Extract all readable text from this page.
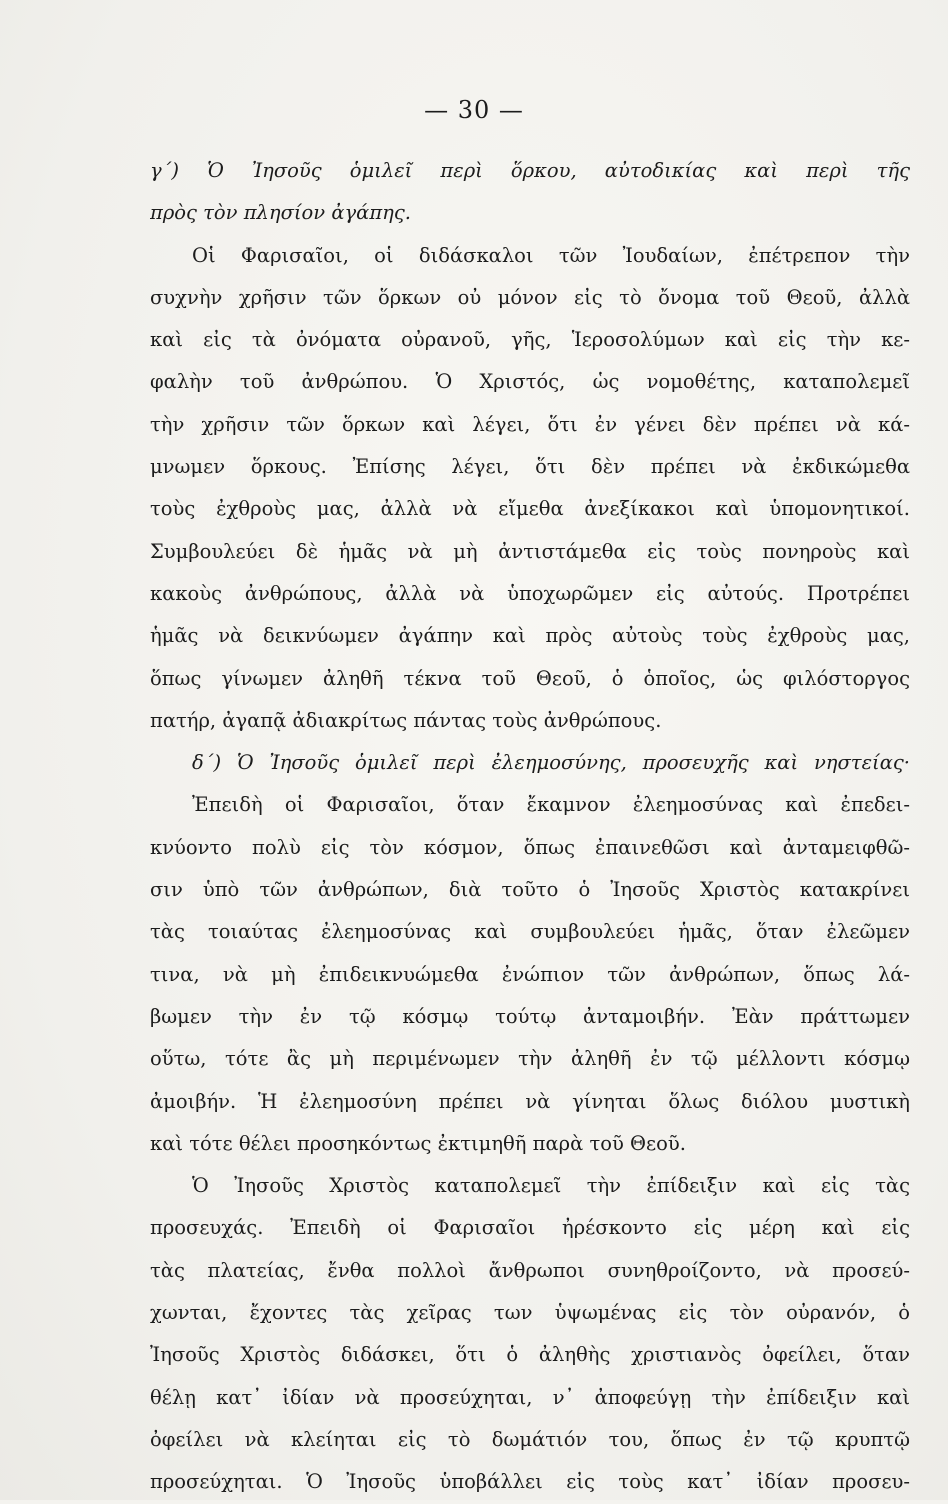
— 30 —
γ΄) Ὁ Ἰησοῦς ὁμιλεῖ περὶ ὅρκου, αὐτοδικίας καὶ περὶ τῆς
πρὸς τὸν πλησίον ἀγάπης.
Οἱ Φαρισαῖοι, οἱ διδάσκαλοι τῶν Ἰουδαίων, ἐπέτρεπον τὴν
συχνὴν χρῆσιν τῶν ὅρκων οὐ μόνον εἰς τὸ ὄνομα τοῦ Θεοῦ, ἀλλὰ
καὶ εἰς τὰ ὀνόματα οὐρανοῦ, γῆς, Ἱεροσολύμων καὶ εἰς τὴν κε-
φαλὴν τοῦ ἀνθρώπου. Ὁ Χριστός, ὡς νομοθέτης, καταπολεμεῖ
τὴν χρῆσιν τῶν ὅρκων καὶ λέγει, ὅτι ἐν γένει δὲν πρέπει νὰ κά-
μνωμεν ὅρκους. Ἐπίσης λέγει, ὅτι δὲν πρέπει νὰ ἐκδικώμεθα
τοὺς ἐχθροὺς μας, ἀλλὰ νὰ εἴμεθα ἀνεξίκακοι καὶ ὑπομονητικοί.
Συμβουλεύει δὲ ἡμᾶς νὰ μὴ ἀντιστάμεθα εἰς τοὺς πονηροὺς καὶ
κακοὺς ἀνθρώπους, ἀλλὰ νὰ ὑποχωρῶμεν εἰς αὐτούς. Προτρέπει
ἡμᾶς νὰ δεικνύωμεν ἀγάπην καὶ πρὸς αὐτοὺς τοὺς ἐχθροὺς μας,
ὅπως γίνωμεν ἀληθῆ τέκνα τοῦ Θεοῦ, ὁ ὁποῖος, ὡς φιλόστοργος
πατήρ, ἀγαπᾷ ἀδιακρίτως πάντας τοὺς ἀνθρώπους.
δ΄) Ὁ Ἰησοῦς ὁμιλεῖ περὶ ἐλεημοσύνης, προσευχῆς καὶ νηστείας·
Ἐπειδὴ οἱ Φαρισαῖοι, ὅταν ἔκαμνον ἐλεημοσύνας καὶ ἐπεδει-
κνύοντο πολὺ εἰς τὸν κόσμον, ὅπως ἐπαινεθῶσι καὶ ἀνταμειφθῶ-
σιν ὑπὸ τῶν ἀνθρώπων, διὰ τοῦτο ὁ Ἰησοῦς Χριστὸς κατακρίνει
τὰς τοιαύτας ἐλεημοσύνας καὶ συμβουλεύει ἡμᾶς, ὅταν ἐλεῶμεν
τινα, νὰ μὴ ἐπιδεικνυώμεθα ἐνώπιον τῶν ἀνθρώπων, ὅπως λά-
βωμεν τὴν ἐν τῷ κόσμῳ τούτῳ ἀνταμοιβήν. Ἐὰν πράττωμεν
οὕτω, τότε ἂς μὴ περιμένωμεν τὴν ἀληθῆ ἐν τῷ μέλλοντι κόσμῳ
ἀμοιβήν. Ἡ ἐλεημοσύνη πρέπει νὰ γίνηται ὅλως διόλου μυστικὴ
καὶ τότε θέλει προσηκόντως ἐκτιμηθῆ παρὰ τοῦ Θεοῦ.
Ὁ Ἰησοῦς Χριστὸς καταπολεμεῖ τὴν ἐπίδειξιν καὶ εἰς τὰς
προσευχάς. Ἐπειδὴ οἱ Φαρισαῖοι ἠρέσκοντο εἰς μέρη καὶ εἰς
τὰς πλατείας, ἔνθα πολλοὶ ἄνθρωποι συνηθροίζοντο, νὰ προσεύ-
χωνται, ἔχοντες τὰς χεῖρας των ὑψωμένας εἰς τὸν οὐρανόν, ὁ
Ἰησοῦς Χριστὸς διδάσκει, ὅτι ὁ ἀληθὴς χριστιανὸς ὀφείλει, ὅταν
θέλῃ κατ᾿ ἰδίαν νὰ προσεύχηται, ν᾿ ἀποφεύγῃ τὴν ἐπίδειξιν καὶ
ὀφείλει νὰ κλείηται εἰς τὸ δωμάτιόν του, ὅπως ἐν τῷ κρυπτῷ
προσεύχηται. Ὁ Ἰησοῦς ὑποβάλλει εἰς τοὺς κατ᾿ ἰδίαν προσευ-
